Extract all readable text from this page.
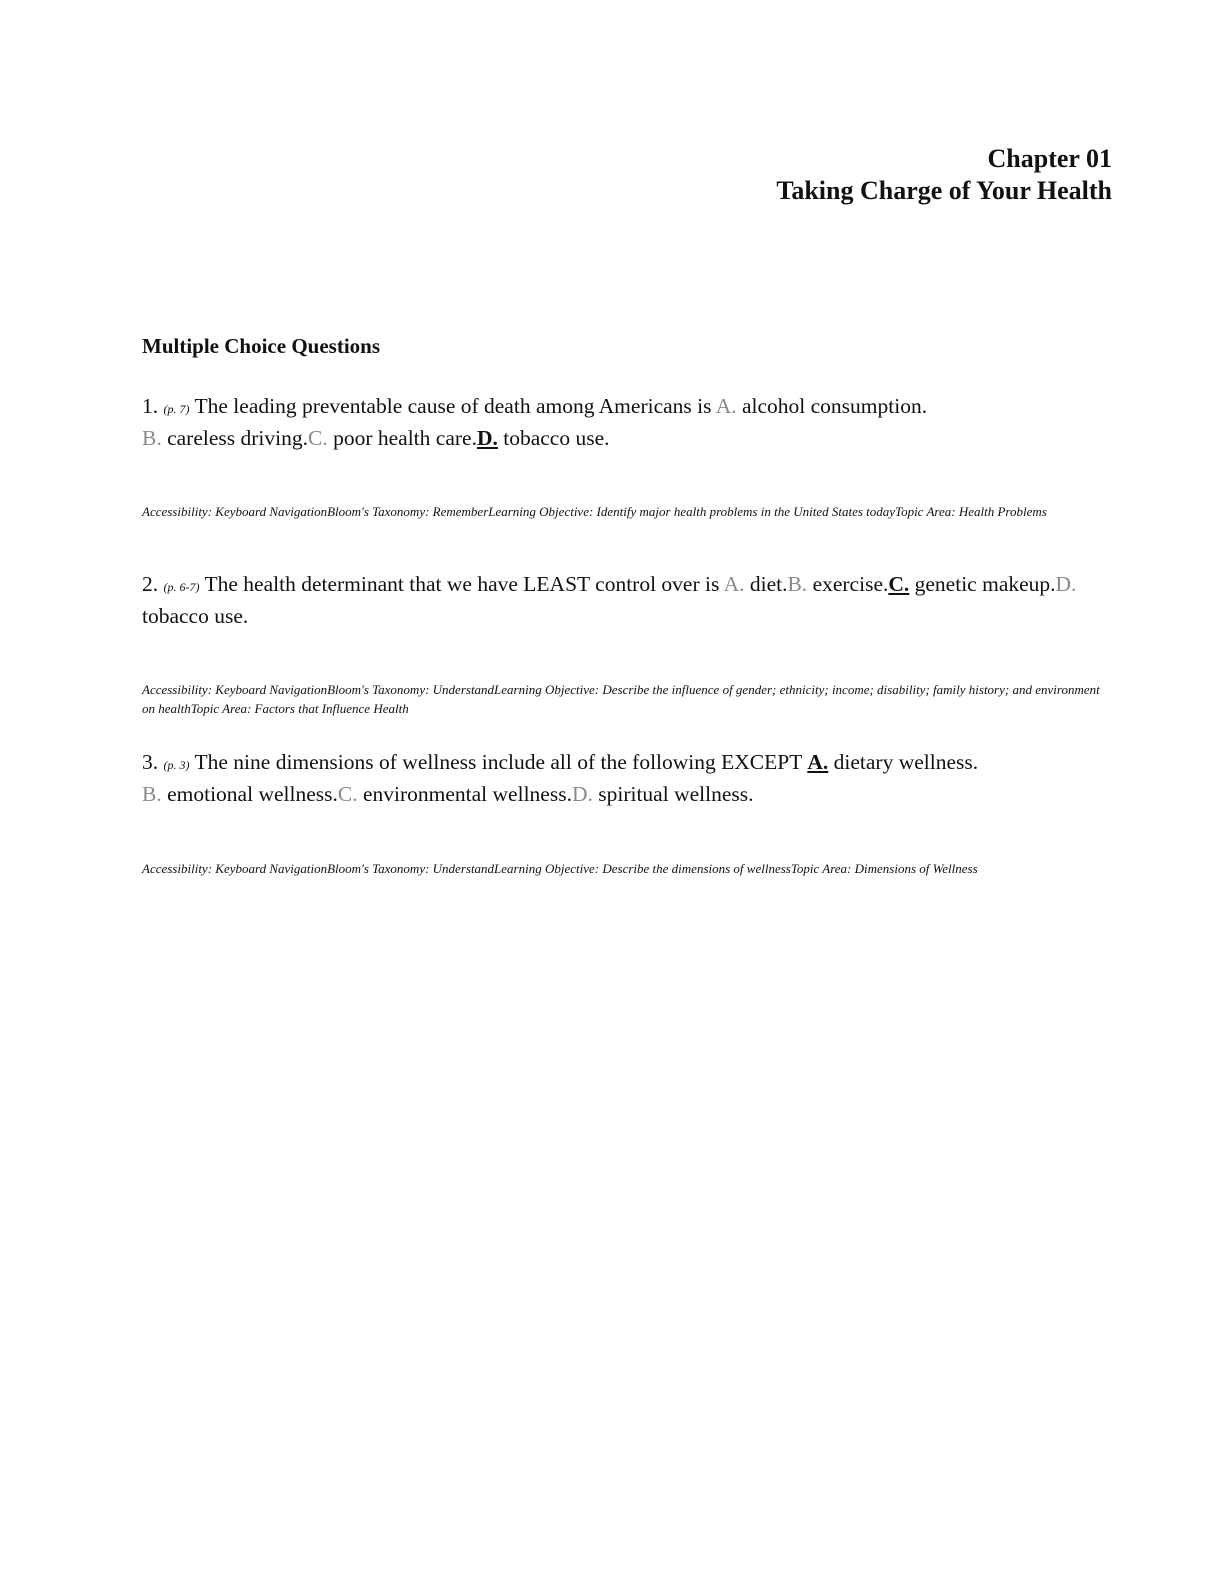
Chapter 01
Taking Charge of Your Health
Multiple Choice Questions
1. (p. 7) The leading preventable cause of death among Americans is A. alcohol consumption.
B. careless driving.C. poor health care.D. tobacco use.
Accessibility: Keyboard NavigationBloom's Taxonomy: RememberLearning Objective: Identify major health problems in the United States todayTopic Area: Health Problems
2. (p. 6-7) The health determinant that we have LEAST control over is A. diet.B. exercise.C. genetic makeup.D. tobacco use.
Accessibility: Keyboard NavigationBloom's Taxonomy: UnderstandLearning Objective: Describe the influence of gender; ethnicity; income; disability; family history; and environment on healthTopic Area: Factors that Influence Health
3. (p. 3) The nine dimensions of wellness include all of the following EXCEPT A. dietary wellness.
B. emotional wellness.C. environmental wellness.D. spiritual wellness.
Accessibility: Keyboard NavigationBloom's Taxonomy: UnderstandLearning Objective: Describe the dimensions of wellnessTopic Area: Dimensions of Wellness
